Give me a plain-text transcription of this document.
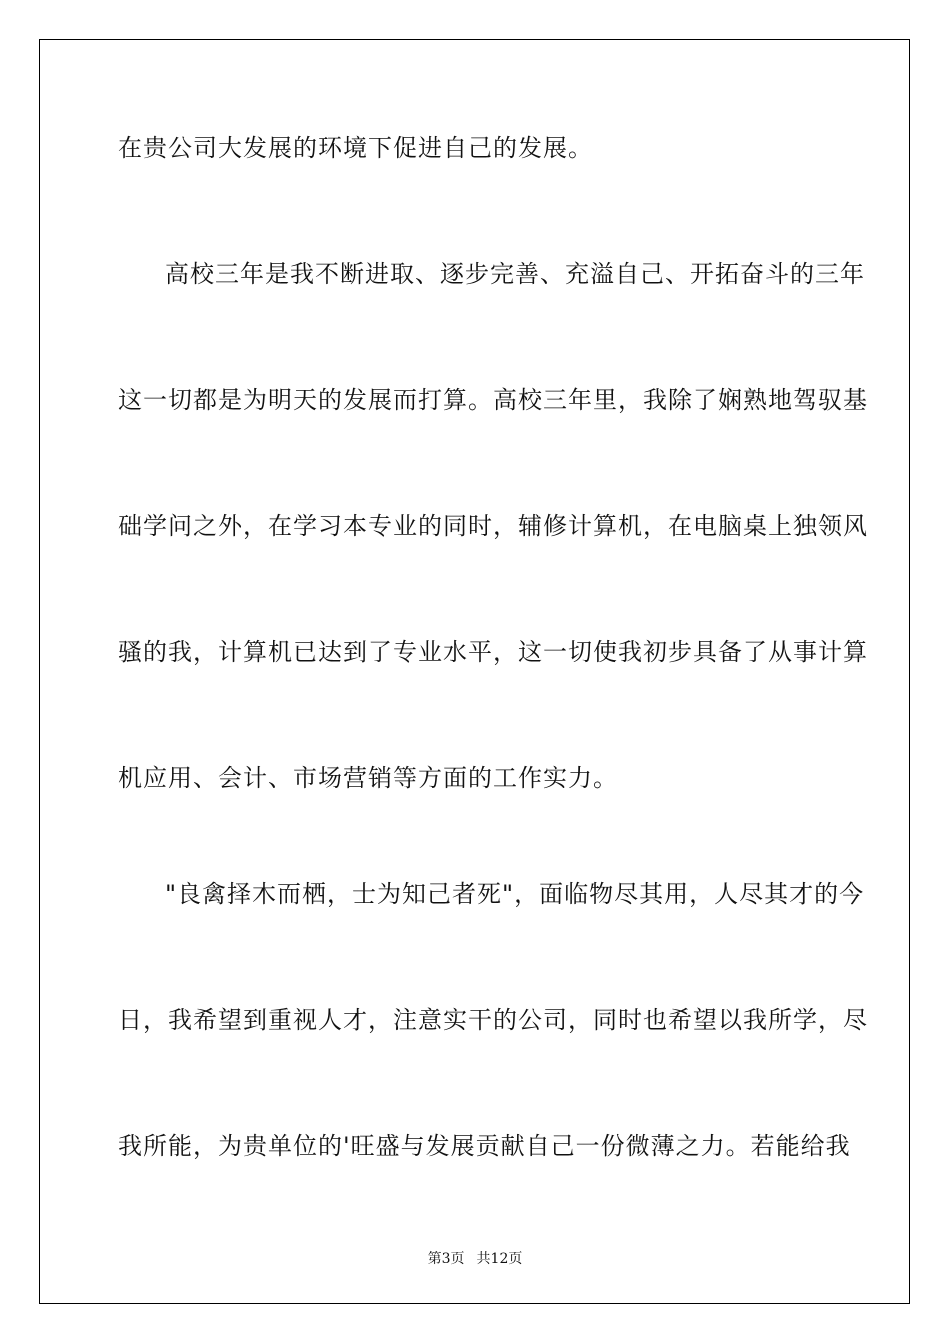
在贵公司大发展的环境下促进自己的发展。
高校三年是我不断进取、逐步完善、充溢自己、开拓奋斗的三年
这一切都是为明天的发展而打算。高校三年里，我除了娴熟地驾驭基
础学问之外，在学习本专业的同时，辅修计算机，在电脑桌上独领风
骚的我，计算机已达到了专业水平，这一切使我初步具备了从事计算
机应用、会计、市场营销等方面的工作实力。
"良禽择木而栖，士为知己者死"，面临物尽其用，人尽其才的今
日，我希望到重视人才，注意实干的公司，同时也希望以我所学，尽
我所能，为贵单位的'旺盛与发展贡献自己一份微薄之力。若能给我
第3页 共12页
